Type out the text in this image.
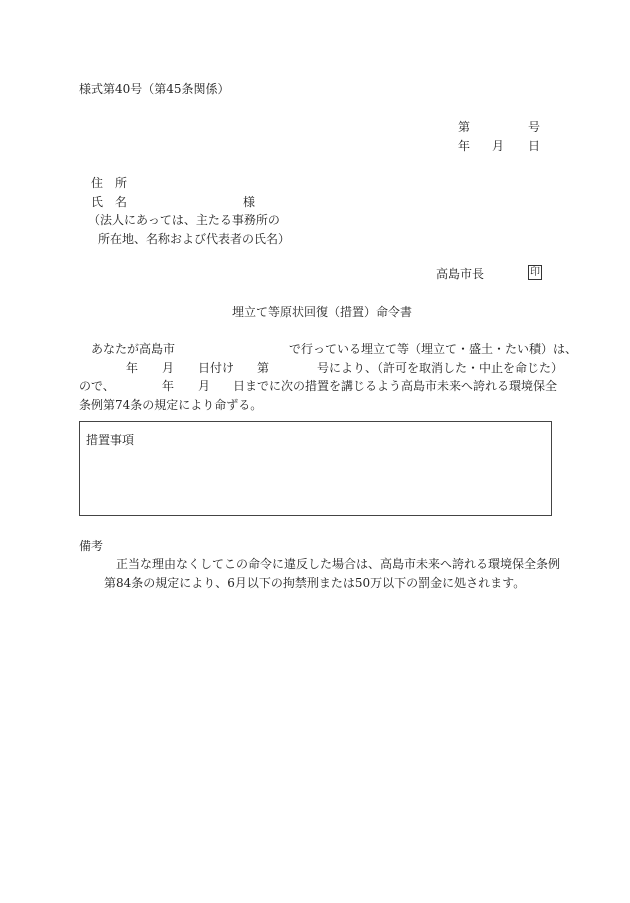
様式第40号（第45条関係）
第	号
年 月 日
住　所
氏　名	様
（法人にあっては、主たる事務所の
所在地、名称および代表者の氏名）
高島市長	印
埋立て等原状回復（措置）命令書
あなたが高島市	で行っている埋立て等（埋立て・盛土・たい積）は、
年 月 日付け 第	号により、（許可を取消した・中止を命じた）
ので、	年 月 日までに次の措置を講じるよう高島市未来へ誇れる環境保全
条例第74条の規定により命ずる。
措置事項
備考
正当な理由なくしてこの命令に違反した場合は、高島市未来へ誇れる環境保全条例
第84条の規定により、6月以下の拘禁刑または50万以下の罰金に処されます。
